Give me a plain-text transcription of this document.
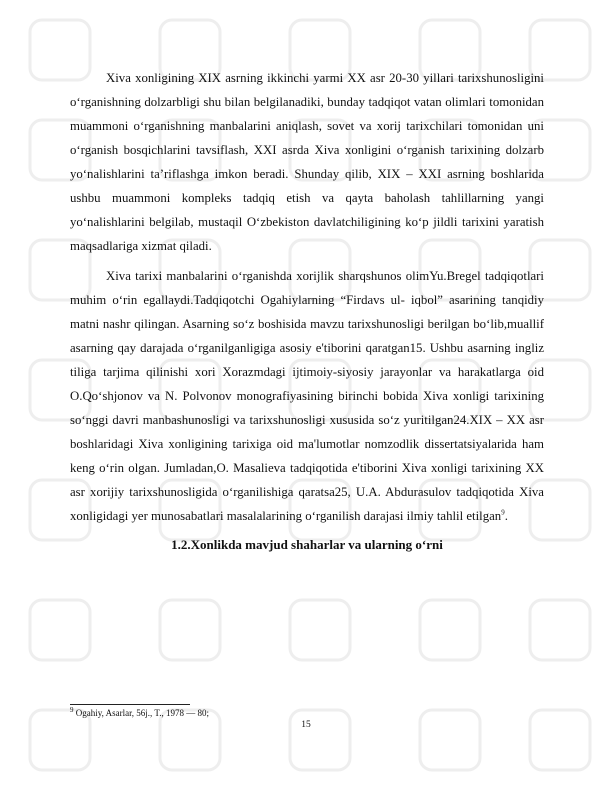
Xiva xonligining XIX asrning ikkinchi yarmi XX asr 20-30 yillari tarixshunosligini o‘rganishning dolzarbligi shu bilan belgilanadiki, bunday tadqiqot vatan olimlari tomonidan muammoni o‘rganishning manbalarini aniqlash, sovet va xorij tarixchilari tomonidan uni o‘rganish bosqichlarini tavsiflash, XXI asrda Xiva xonligini o‘rganish tarixining dolzarb yo‘nalishlarini ta’riflashga imkon beradi. Shunday qilib, XIX – XXI asrning boshlarida ushbu muammoni kompleks tadqiq etish va qayta baholash tahlillarning yangi yo‘nalishlarini belgilab, mustaqil O‘zbekiston davlatchiligining ko‘p jildli tarixini yaratish maqsadlariga xizmat qiladi.

Xiva tarixi manbalarini o‘rganishda xorijlik sharqshunos olimYu.Bregel tadqiqotlari muhim o‘rin egallaydi.Tadqiqotchi Ogahiylarning “Firdavs ul- iqbol” asarining tanqidiy matni nashr qilingan. Asarning so‘z boshisida mavzu tarixshunosligi berilgan bo‘lib,muallif asarning qay darajada o‘rganilganligiga asosiy e'tiborini qaratgan15. Ushbu asarning ingliz tiliga tarjima qilinishi xori Xorazmdagi ijtimoiy-siyosiy jarayonlar va harakatlarga oid O.Qo‘shjonov va N. Polvonov monografiyasining birinchi bobida Xiva xonligi tarixining so‘nggi davri manbashunosligi va tarixshunosligi xususida so‘z yuritilgan24.XIX – XX asr boshlaridagi Xiva xonligining tarixiga oid ma'lumotlar nomzodlik dissertatsiyalarida ham keng o‘rin olgan. Jumladan,O. Masalieva tadqiqotida e'tiborini Xiva xonligi tarixining XX asr xorijiy tarixshunosligida o‘rganilishiga qaratsa25, U.A. Abdurasulov tadqiqotida Xiva xonligidagi yer munosabatlari masalalarining o‘rganilish darajasi ilmiy tahlil etilgan$^9$.

1.2.Xonlikda mavjud shaharlar va ularning o‘rni
$^9$ Ogahiy, Asarlar, 56j., T., 1978 — 80;
15
